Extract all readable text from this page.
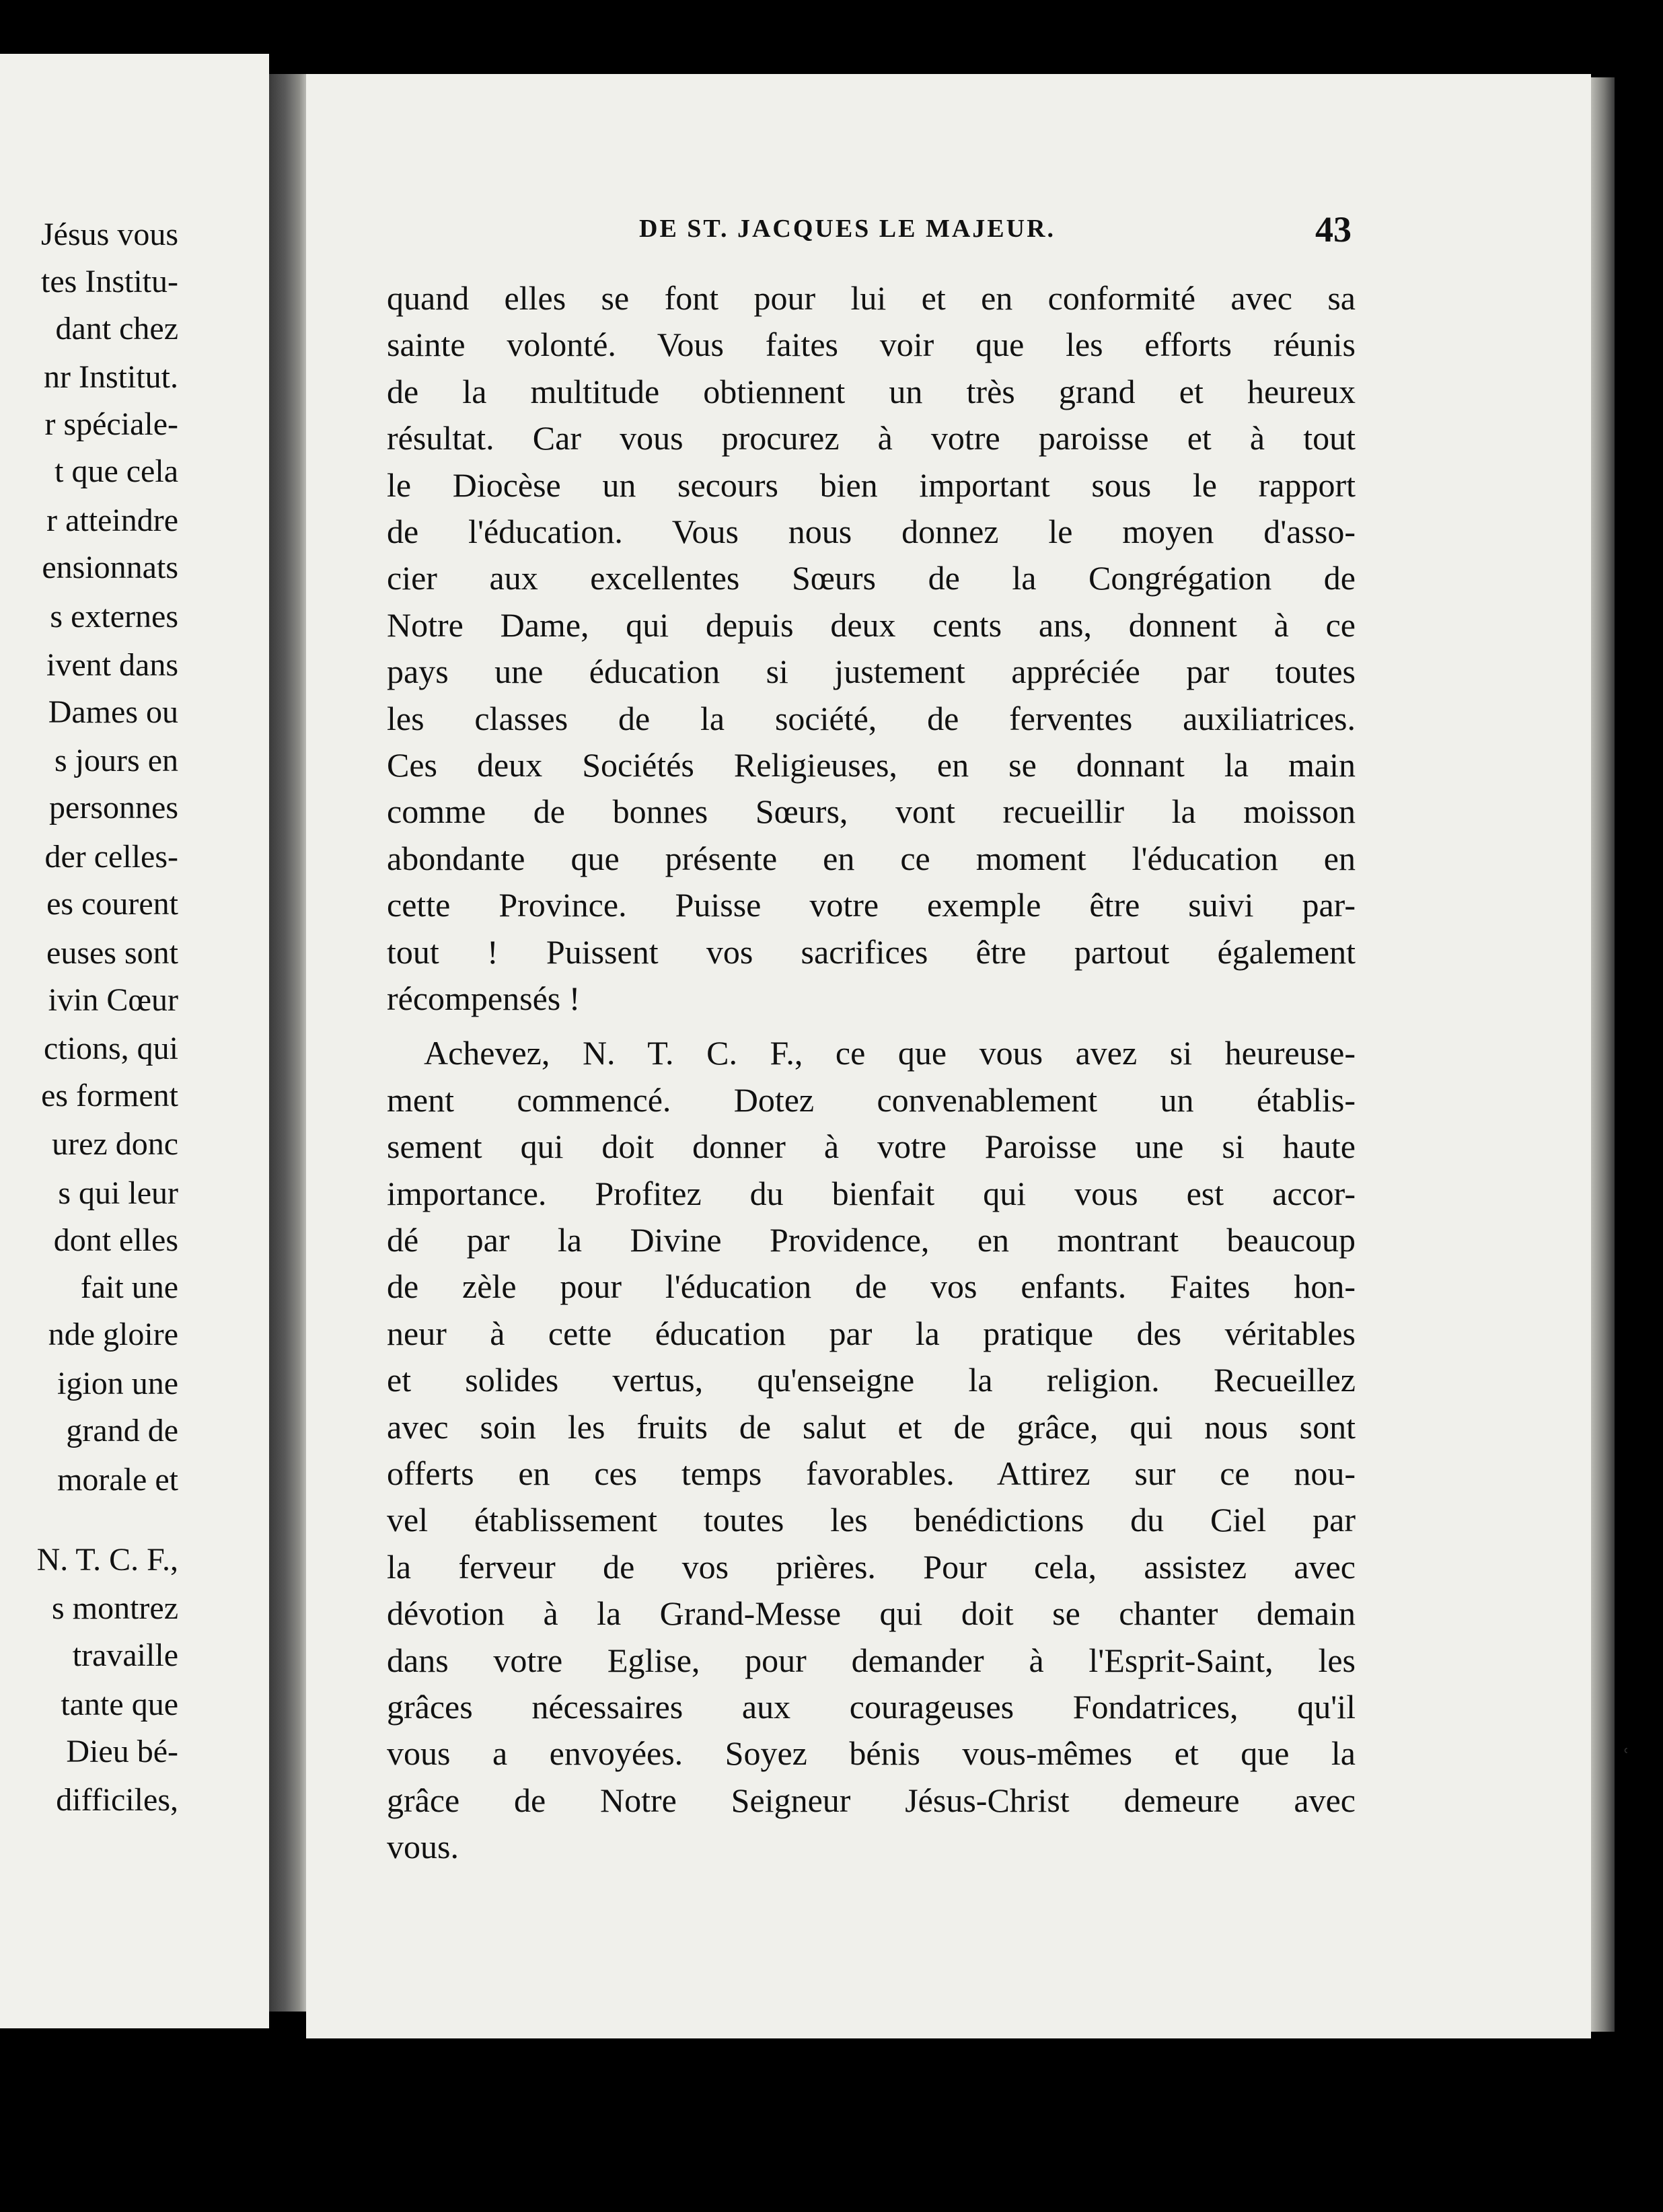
Jésus vous
tes Institu-
dant chez
nr Institut.
r spéciale-
t que cela
r atteindre
ensionnats
s externes
ivent dans
Dames ou
s jours en
personnes
der celles-
es courent
euses sont
ivin Cœur
ctions, qui
es forment
urez donc
s qui leur
dont elles
fait une
nde gloire
igion une
grand de
morale et
N. T. C. F.,
s montrez
travaille
tante que
Dieu bé-
difficiles,
DE ST. JACQUES LE MAJEUR.	43
quand elles se font pour lui et en conformité avec sa
sainte volonté. Vous faites voir que les efforts réunis
de la multitude obtiennent un très grand et heureux
résultat. Car vous procurez à votre paroisse et à tout
le Diocèse un secours bien important sous le rapport
de l'éducation. Vous nous donnez le moyen d'asso-
cier aux excellentes Sœurs de la Congrégation de
Notre Dame, qui depuis deux cents ans, donnent à ce
pays une éducation si justement appréciée par toutes
les classes de la société, de ferventes auxiliatrices.
Ces deux Sociétés Religieuses, en se donnant la main
comme de bonnes Sœurs, vont recueillir la moisson
abondante que présente en ce moment l'éducation en
cette Province. Puisse votre exemple être suivi par-
tout ! Puissent vos sacrifices être partout également
récompensés !
Achevez, N. T. C. F., ce que vous avez si heureuse-
ment commencé. Dotez convenablement un établis-
sement qui doit donner à votre Paroisse une si haute
importance. Profitez du bienfait qui vous est accor-
dé par la Divine Providence, en montrant beaucoup
de zèle pour l'éducation de vos enfants. Faites hon-
neur à cette éducation par la pratique des véritables
et solides vertus, qu'enseigne la religion. Recueillez
avec soin les fruits de salut et de grâce, qui nous sont
offerts en ces temps favorables. Attirez sur ce nou-
vel établissement toutes les benédictions du Ciel par
la ferveur de vos prières. Pour cela, assistez avec
dévotion à la Grand-Messe qui doit se chanter demain
dans votre Eglise, pour demander à l'Esprit-Saint, les
grâces nécessaires aux courageuses Fondatrices, qu'il
vous a envoyées. Soyez bénis vous-mêmes et que la
grâce de Notre Seigneur Jésus-Christ demeure avec
vous.
ʿ
